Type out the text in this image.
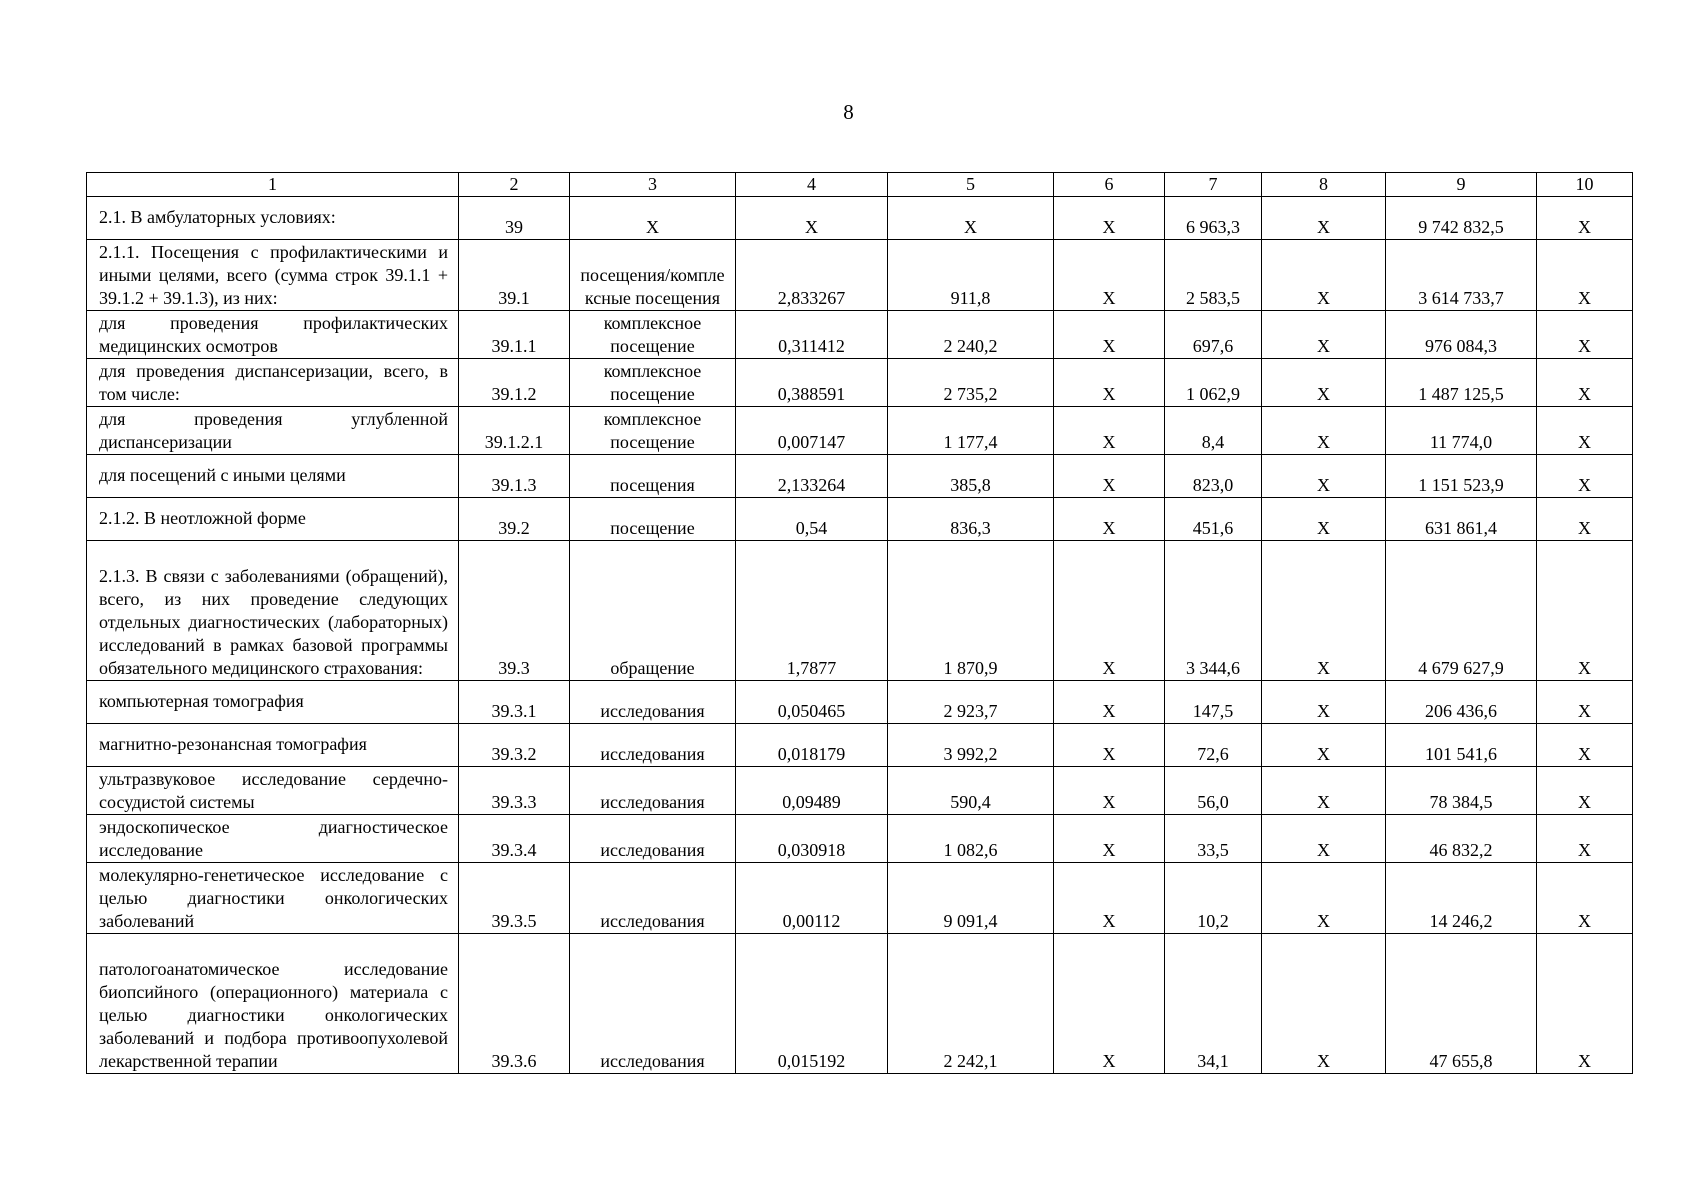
8
1	2	3	4	5	6	7	8	9	10
2.1. В амбулаторных условиях:	39	X	X	X	X	6 963,3	X	9 742 832,5	X
2.1.1. Посещения с профилактическими и иными целями, всего (сумма строк 39.1.1 + 39.1.2 + 39.1.3), из них:	39.1	посещения/комплексные посещения	2,833267	911,8	X	2 583,5	X	3 614 733,7	X
для проведения профилактических медицинских осмотров	39.1.1	комплексное посещение	0,311412	2 240,2	X	697,6	X	976 084,3	X
для проведения диспансеризации, всего, в том числе:	39.1.2	комплексное посещение	0,388591	2 735,2	X	1 062,9	X	1 487 125,5	X
для проведения углубленной диспансеризации	39.1.2.1	комплексное посещение	0,007147	1 177,4	X	8,4	X	11 774,0	X
для посещений с иными целями	39.1.3	посещения	2,133264	385,8	X	823,0	X	1 151 523,9	X
2.1.2. В неотложной форме	39.2	посещение	0,54	836,3	X	451,6	X	631 861,4	X
2.1.3. В связи с заболеваниями (обращений), всего, из них проведение следующих отдельных диагностических (лабораторных) исследований в рамках базовой программы обязательного медицинского страхования:	39.3	обращение	1,7877	1 870,9	X	3 344,6	X	4 679 627,9	X
компьютерная томография	39.3.1	исследования	0,050465	2 923,7	X	147,5	X	206 436,6	X
магнитно-резонансная томография	39.3.2	исследования	0,018179	3 992,2	X	72,6	X	101 541,6	X
ультразвуковое исследование сердечно-сосудистой системы	39.3.3	исследования	0,09489	590,4	X	56,0	X	78 384,5	X
эндоскопическое диагностическое исследование	39.3.4	исследования	0,030918	1 082,6	X	33,5	X	46 832,2	X
молекулярно-генетическое исследование с целью диагностики онкологических заболеваний	39.3.5	исследования	0,00112	9 091,4	X	10,2	X	14 246,2	X
патологоанатомическое исследование биопсийного (операционного) материала с целью диагностики онкологических заболеваний и подбора противоопухолевой лекарственной терапии	39.3.6	исследования	0,015192	2 242,1	X	34,1	X	47 655,8	X
